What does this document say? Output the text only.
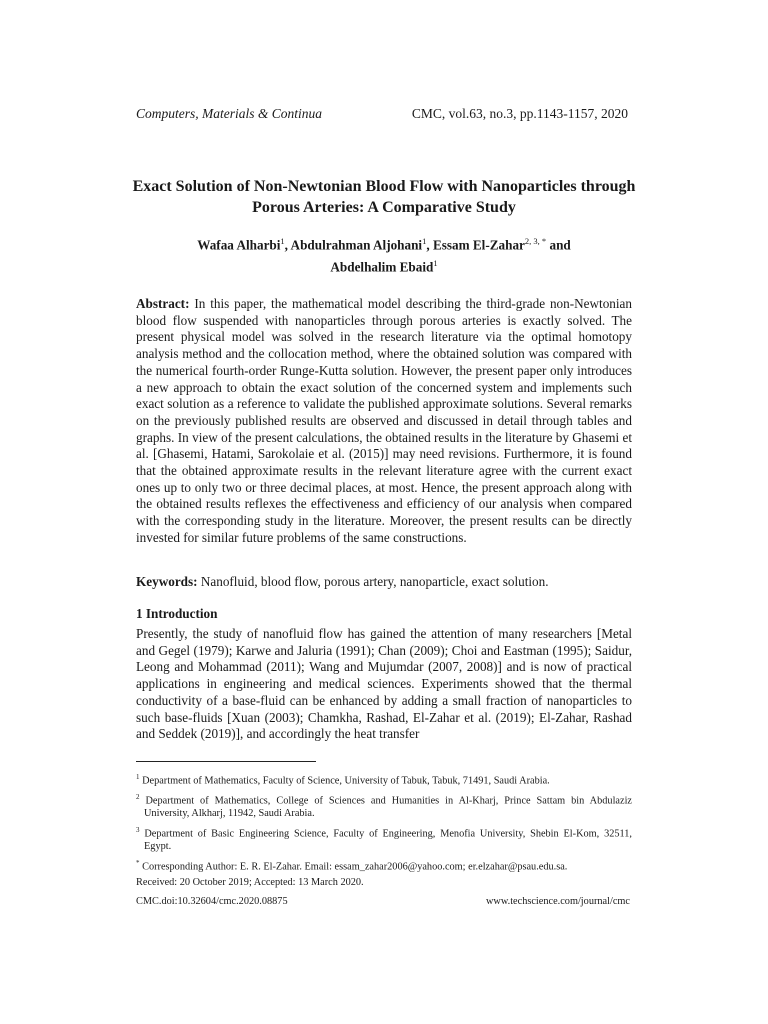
Computers, Materials & Continua	CMC, vol.63, no.3, pp.1143-1157, 2020
Exact Solution of Non-Newtonian Blood Flow with Nanoparticles through Porous Arteries: A Comparative Study
Wafaa Alharbi$^1$, Abdulrahman Aljohani$^1$, Essam El-Zahar$^{2, 3, *}$ and
Abdelhalim Ebaid$^1$
Abstract: In this paper, the mathematical model describing the third-grade non-Newtonian blood flow suspended with nanoparticles through porous arteries is exactly solved. The present physical model was solved in the research literature via the optimal homotopy analysis method and the collocation method, where the obtained solution was compared with the numerical fourth-order Runge-Kutta solution. However, the present paper only introduces a new approach to obtain the exact solution of the concerned system and implements such exact solution as a reference to validate the published approximate solutions. Several remarks on the previously published results are observed and discussed in detail through tables and graphs. In view of the present calculations, the obtained results in the literature by Ghasemi et al. [Ghasemi, Hatami, Sarokolaie et al. (2015)] may need revisions. Furthermore, it is found that the obtained approximate results in the relevant literature agree with the current exact ones up to only two or three decimal places, at most. Hence, the present approach along with the obtained results reflexes the effectiveness and efficiency of our analysis when compared with the corresponding study in the literature. Moreover, the present results can be directly invested for similar future problems of the same constructions.
Keywords: Nanofluid, blood flow, porous artery, nanoparticle, exact solution.
1 Introduction
Presently, the study of nanofluid flow has gained the attention of many researchers [Metal and Gegel (1979); Karwe and Jaluria (1991); Chan (2009); Choi and Eastman (1995); Saidur, Leong and Mohammad (2011); Wang and Mujumdar (2007, 2008)] and is now of practical applications in engineering and medical sciences. Experiments showed that the thermal conductivity of a base-fluid can be enhanced by adding a small fraction of nanoparticles to such base-fluids [Xuan (2003); Chamkha, Rashad, El-Zahar et al. (2019); El-Zahar, Rashad and Seddek (2019)], and accordingly the heat transfer
$^1$ Department of Mathematics, Faculty of Science, University of Tabuk, Tabuk, 71491, Saudi Arabia.
$^2$ Department of Mathematics, College of Sciences and Humanities in Al-Kharj, Prince Sattam bin Abdulaziz University, Alkharj, 11942, Saudi Arabia.
$^3$ Department of Basic Engineering Science, Faculty of Engineering, Menofia University, Shebin El-Kom, 32511, Egypt.
* Corresponding Author: E. R. El-Zahar. Email: essam_zahar2006@yahoo.com; er.elzahar@psau.edu.sa.
Received: 20 October 2019; Accepted: 13 March 2020.
CMC.doi:10.32604/cmc.2020.08875	www.techscience.com/journal/cmc
